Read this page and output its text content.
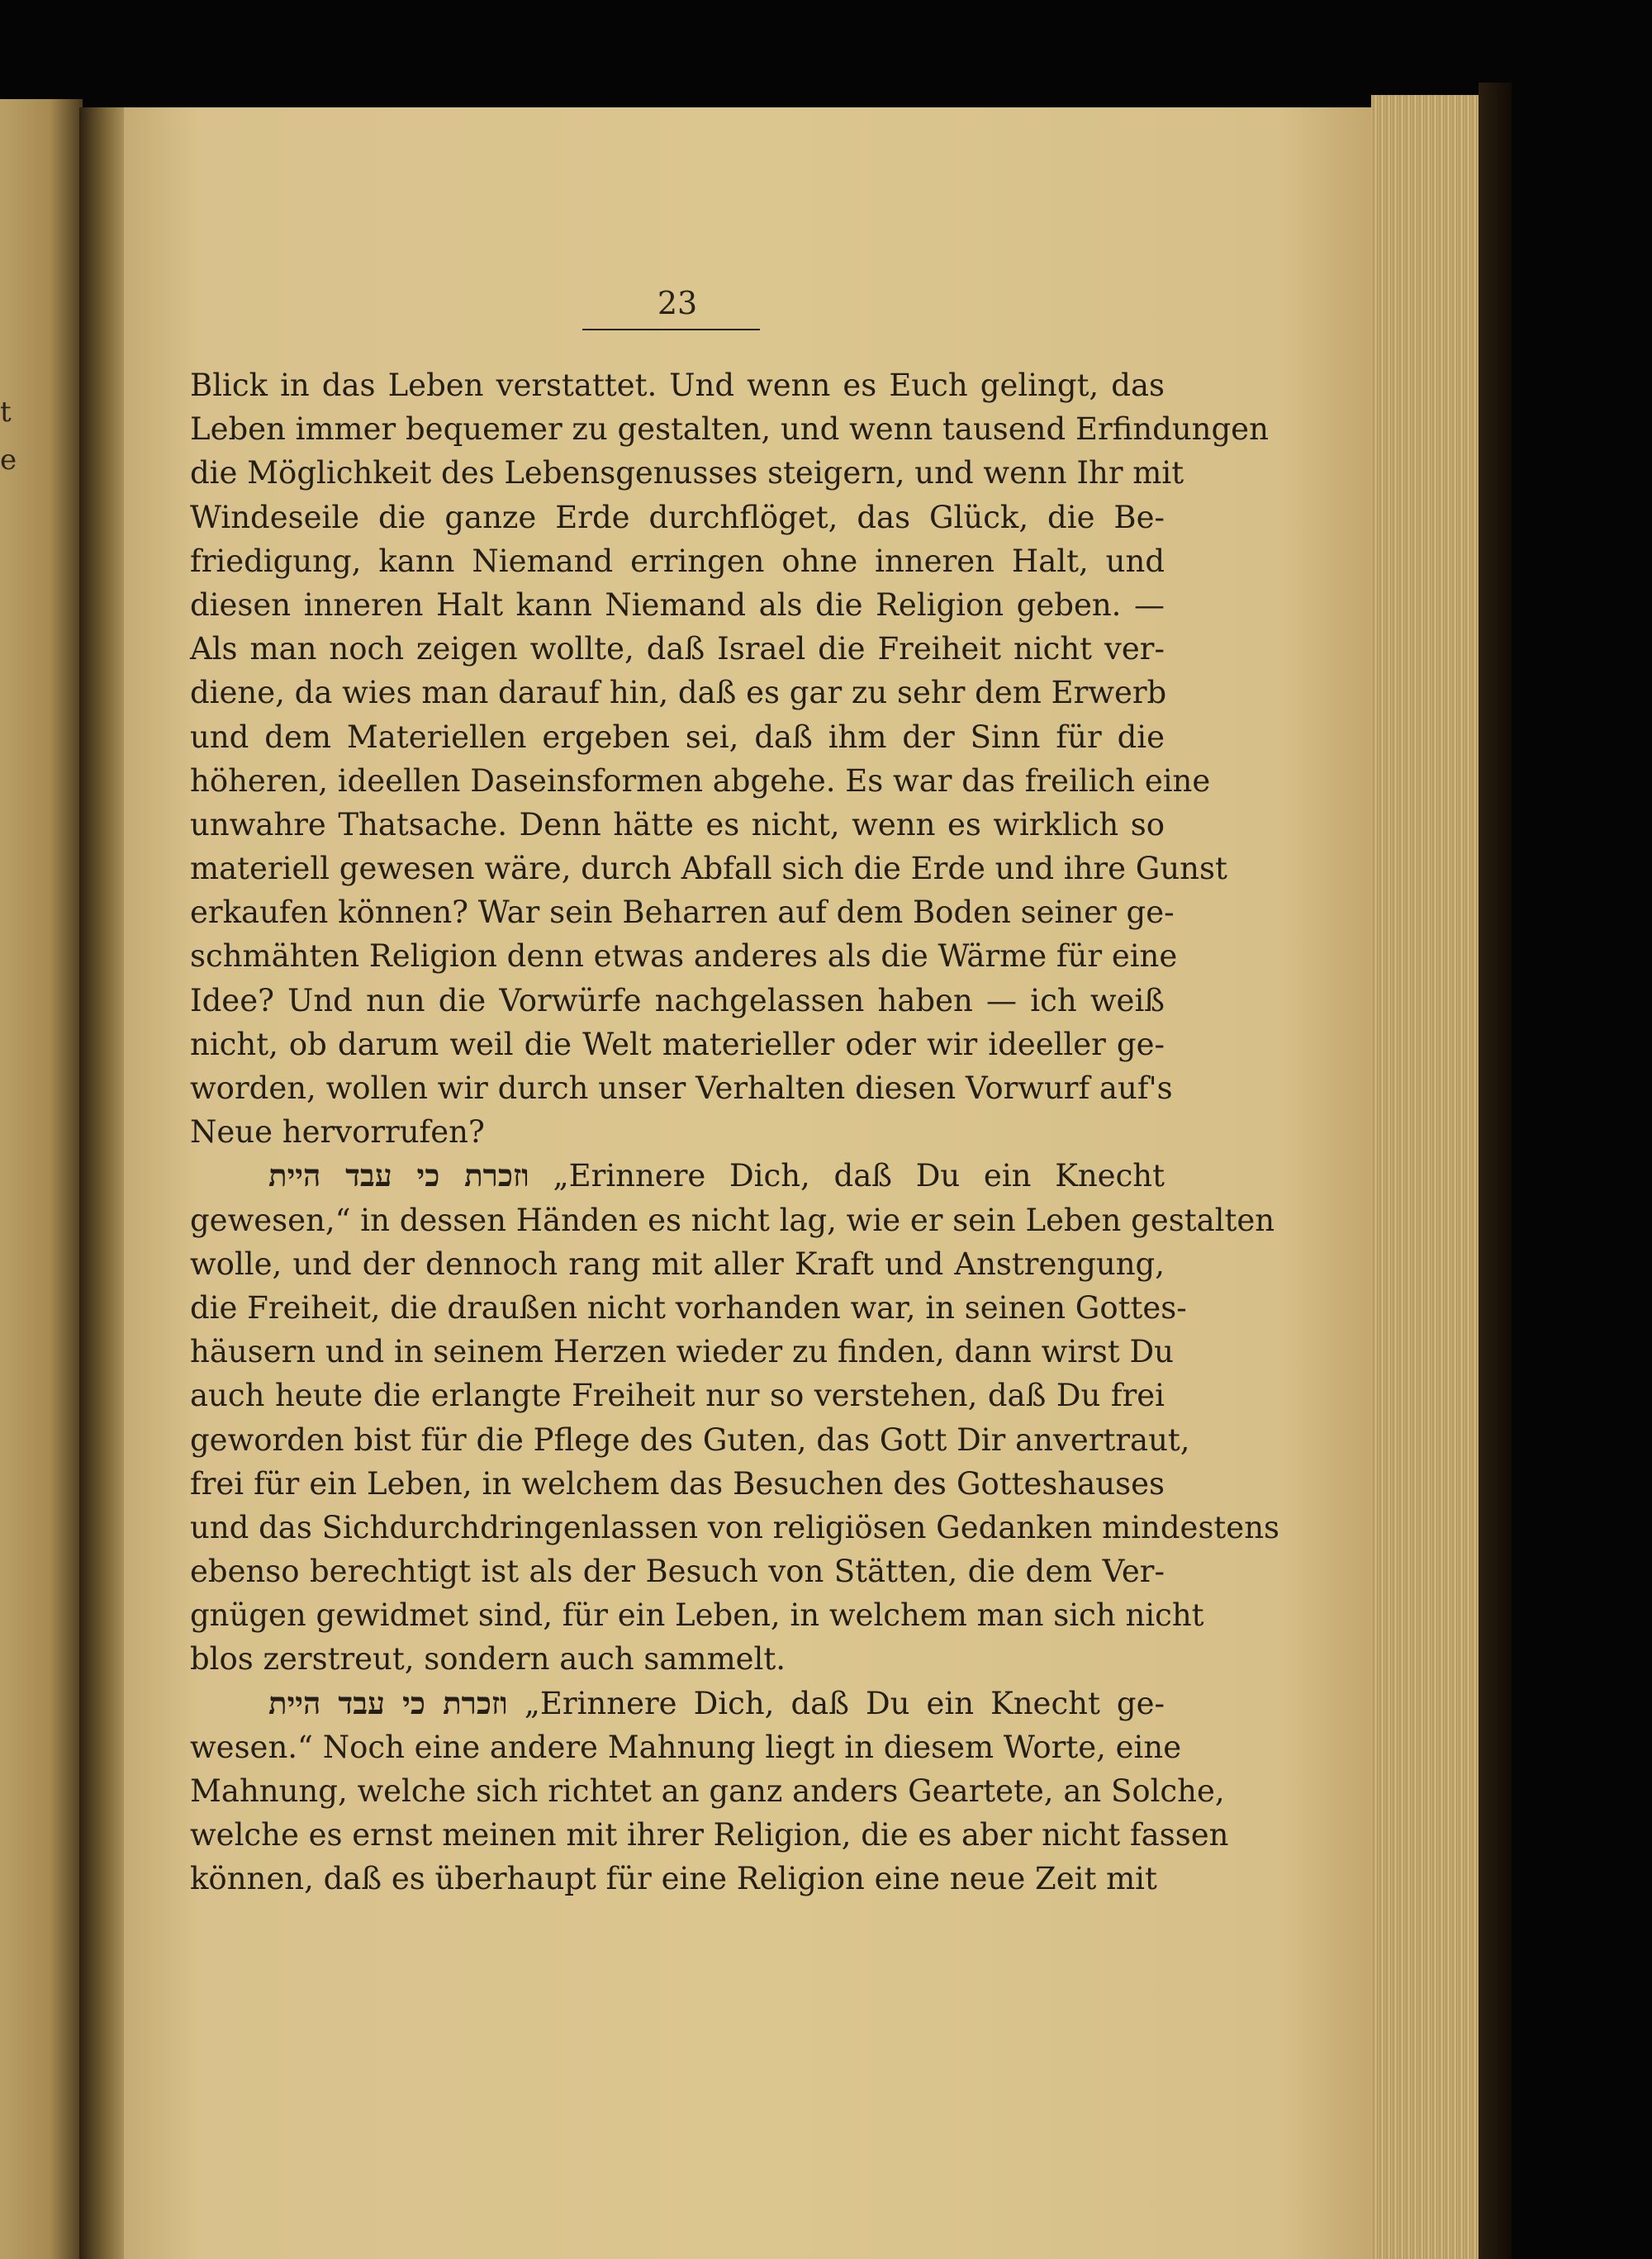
t
e
23
Blick in das Leben verstattet. Und wenn es Euch gelingt, das
Leben immer bequemer zu gestalten, und wenn tausend Erfindungen
die Möglichkeit des Lebensgenusses steigern, und wenn Ihr mit
Windeseile die ganze Erde durchflöget, das Glück, die Be-
friedigung, kann Niemand erringen ohne inneren Halt, und
diesen inneren Halt kann Niemand als die Religion geben. —
Als man noch zeigen wollte, daß Israel die Freiheit nicht ver-
diene, da wies man darauf hin, daß es gar zu sehr dem Erwerb
und dem Materiellen ergeben sei, daß ihm der Sinn für die
höheren, ideellen Daseinsformen abgehe. Es war das freilich eine
unwahre Thatsache. Denn hätte es nicht, wenn es wirklich so
materiell gewesen wäre, durch Abfall sich die Erde und ihre Gunst
erkaufen können? War sein Beharren auf dem Boden seiner ge-
schmähten Religion denn etwas anderes als die Wärme für eine
Idee? Und nun die Vorwürfe nachgelassen haben — ich weiß
nicht, ob darum weil die Welt materieller oder wir ideeller ge-
worden, wollen wir durch unser Verhalten diesen Vorwurf auf's
Neue hervorrufen?
וזכרת כי עבד היית „Erinnere Dich, daß Du ein Knecht
gewesen,“ in dessen Händen es nicht lag, wie er sein Leben gestalten
wolle, und der dennoch rang mit aller Kraft und Anstrengung,
die Freiheit, die draußen nicht vorhanden war, in seinen Gottes-
häusern und in seinem Herzen wieder zu finden, dann wirst Du
auch heute die erlangte Freiheit nur so verstehen, daß Du frei
geworden bist für die Pflege des Guten, das Gott Dir anvertraut,
frei für ein Leben, in welchem das Besuchen des Gotteshauses
und das Sichdurchdringenlassen von religiösen Gedanken mindestens
ebenso berechtigt ist als der Besuch von Stätten, die dem Ver-
gnügen gewidmet sind, für ein Leben, in welchem man sich nicht
blos zerstreut, sondern auch sammelt.
וזכרת כי עבד היית „Erinnere Dich, daß Du ein Knecht ge-
wesen.“ Noch eine andere Mahnung liegt in diesem Worte, eine
Mahnung, welche sich richtet an ganz anders Geartete, an Solche,
welche es ernst meinen mit ihrer Religion, die es aber nicht fassen
können, daß es überhaupt für eine Religion eine neue Zeit mit
